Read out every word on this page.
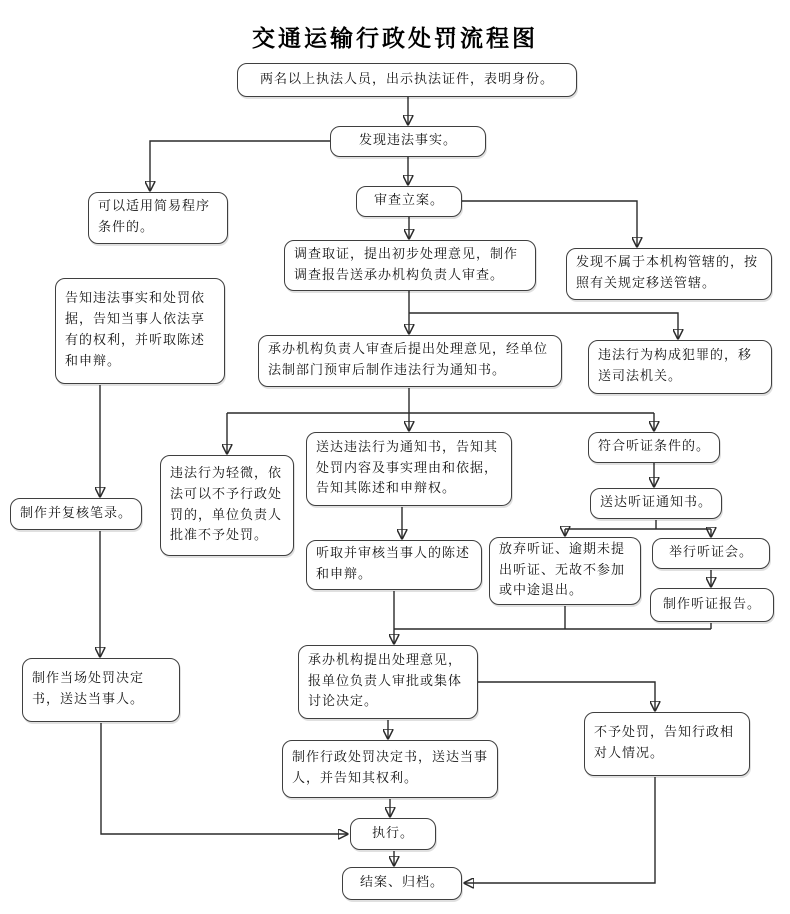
交通运输行政处罚流程图
两名以上执法人员，出示执法证件，表明身份。
发现违法事实。
可以适用简易程序条件的。
审查立案。
调查取证，提出初步处理意见，制作调查报告送承办机构负责人审查。
发现不属于本机构管辖的，按照有关规定移送管辖。
告知违法事实和处罚依据，告知当事人依法享有的权利，并听取陈述和申辩。
承办机构负责人审查后提出处理意见，经单位法制部门预审后制作违法行为通知书。
违法行为构成犯罪的，移送司法机关。
违法行为轻微，依法可以不予行政处罚的，单位负责人批准不予处罚。
送达违法行为通知书，告知其处罚内容及事实理由和依据，告知其陈述和申辩权。
符合听证条件的。
送达听证通知书。
制作并复核笔录。
听取并审核当事人的陈述和申辩。
放弃听证、逾期未提出听证、无故不参加或中途退出。
举行听证会。
制作听证报告。
承办机构提出处理意见，报单位负责人审批或集体讨论决定。
制作当场处罚决定书，送达当事人。
不予处罚，告知行政相对人情况。
制作行政处罚决定书，送达当事人，并告知其权利。
执行。
结案、归档。
